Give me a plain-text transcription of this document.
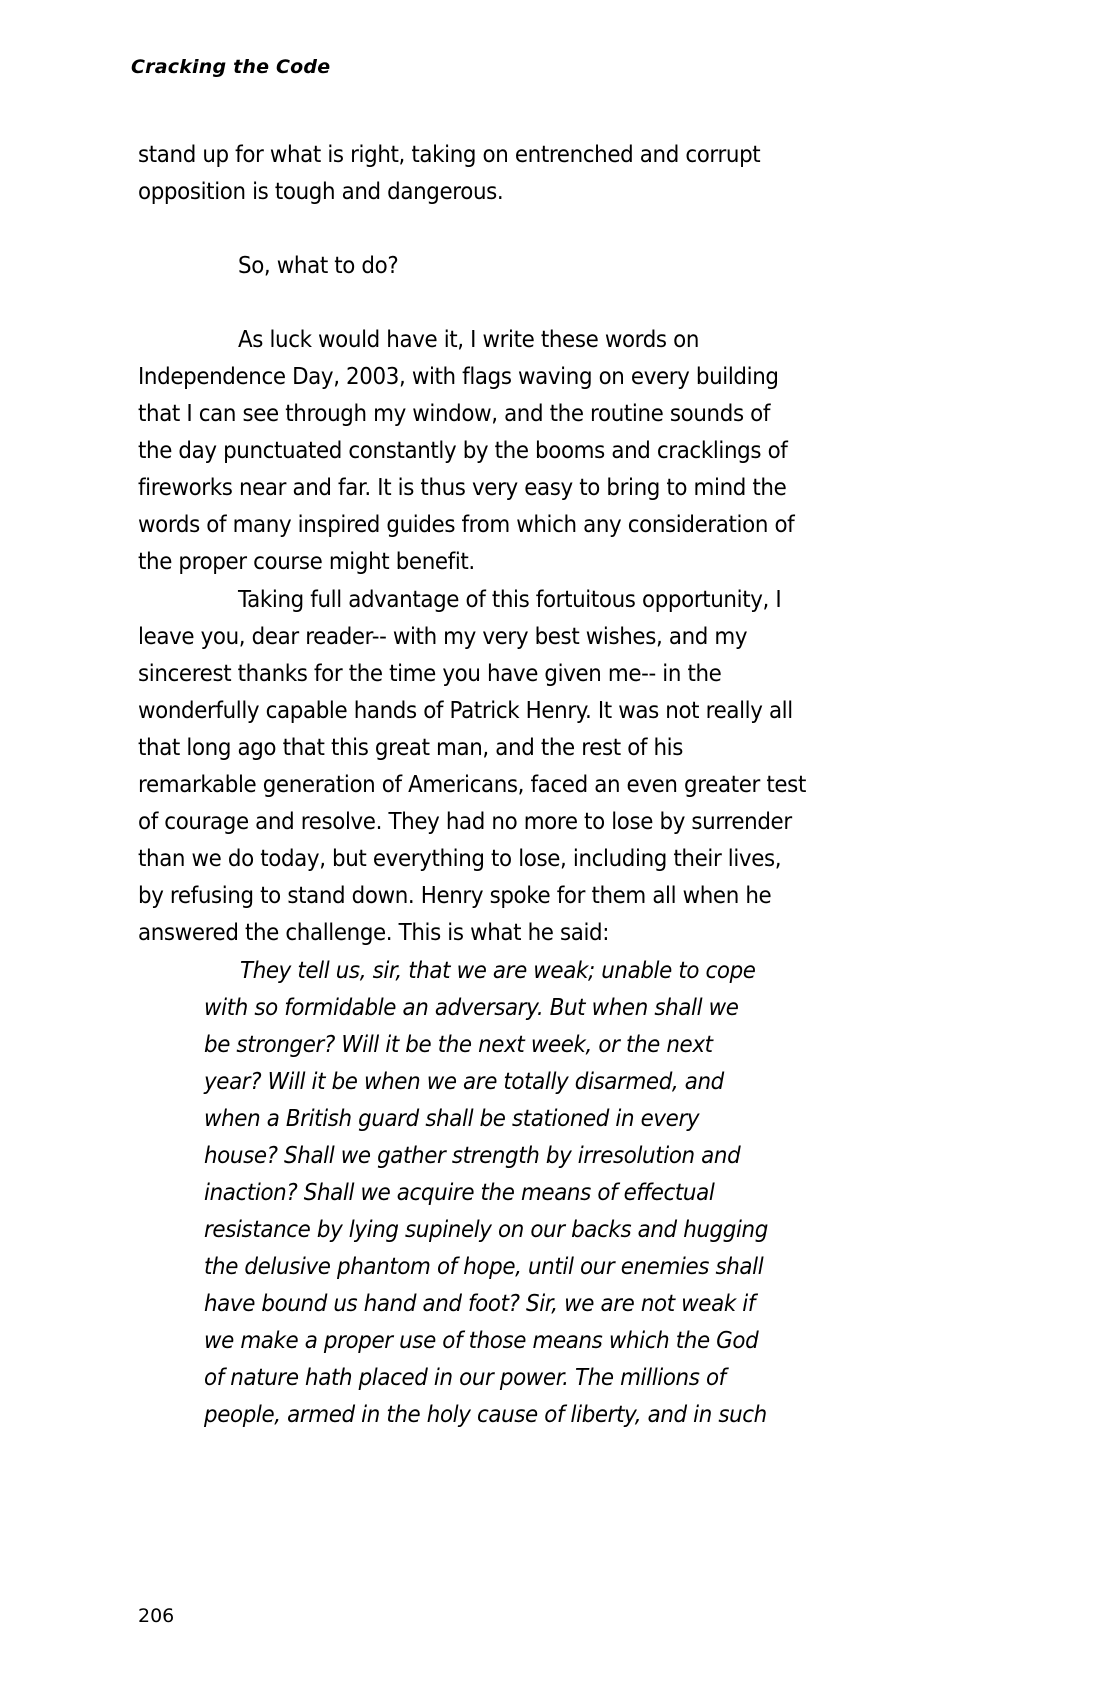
Cracking the Code
stand up for what is right, taking on entrenched and corrupt
opposition is tough and dangerous.
So, what to do?
As luck would have it, I write these words on
Independence Day, 2003, with flags waving on every building
that I can see through my window, and the routine sounds of
the day punctuated constantly by the booms and cracklings of
fireworks near and far. It is thus very easy to bring to mind the
words of many inspired guides from which any consideration of
the proper course might benefit.
Taking full advantage of this fortuitous opportunity, I
leave you, dear reader-- with my very best wishes, and my
sincerest thanks for the time you have given me-- in the
wonderfully capable hands of Patrick Henry. It was not really all
that long ago that this great man, and the rest of his
remarkable generation of Americans, faced an even greater test
of courage and resolve. They had no more to lose by surrender
than we do today, but everything to lose, including their lives,
by refusing to stand down. Henry spoke for them all when he
answered the challenge. This is what he said:
They tell us, sir, that we are weak; unable to cope
with so formidable an adversary. But when shall we
be stronger? Will it be the next week, or the next
year? Will it be when we are totally disarmed, and
when a British guard shall be stationed in every
house? Shall we gather strength by irresolution and
inaction? Shall we acquire the means of effectual
resistance by lying supinely on our backs and hugging
the delusive phantom of hope, until our enemies shall
have bound us hand and foot? Sir, we are not weak if
we make a proper use of those means which the God
of nature hath placed in our power. The millions of
people, armed in the holy cause of liberty, and in such
206
